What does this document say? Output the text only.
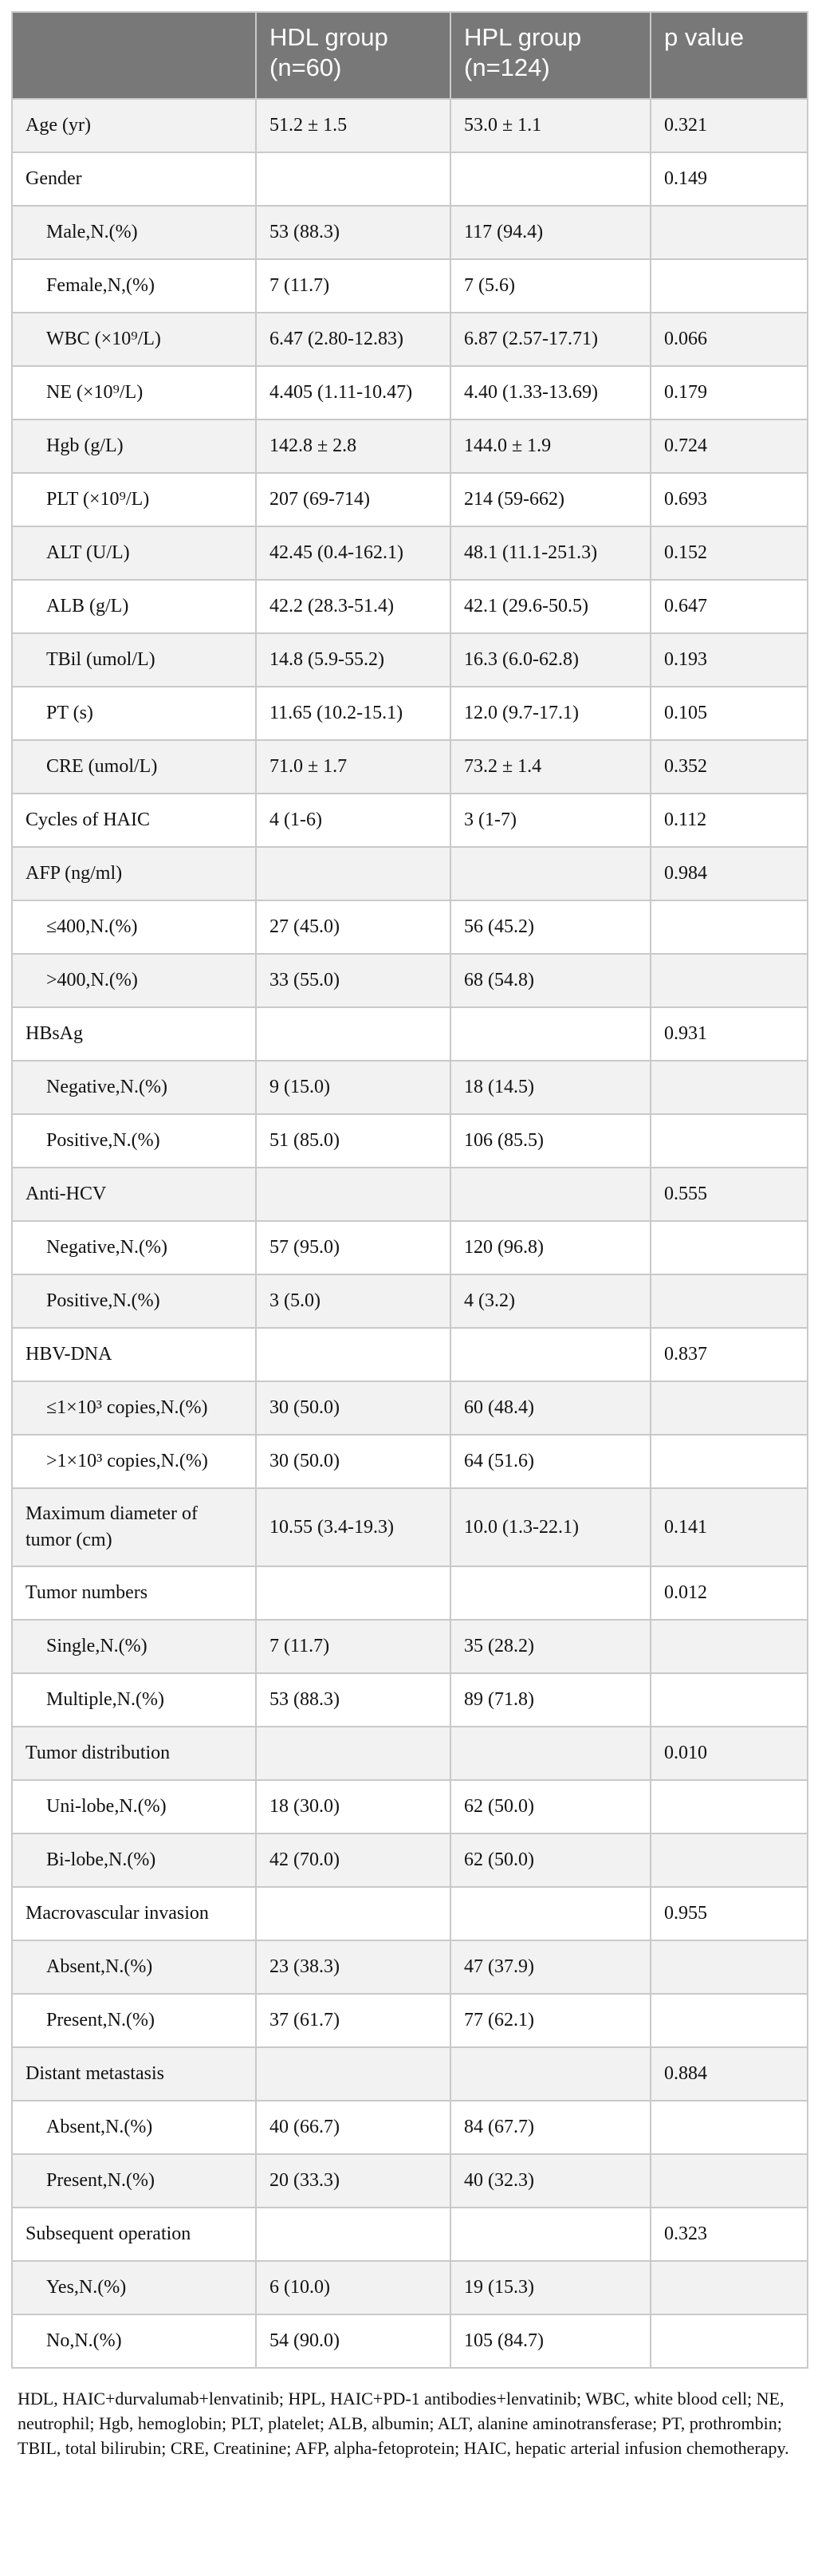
	HDL group (n=60)	HPL group (n=124)	p value
Age (yr)	51.2 ± 1.5	53.0 ± 1.1	0.321
Gender			0.149
Male,N.(%)	53 (88.3)	117 (94.4)	
Female,N,(%)	7 (11.7)	7 (5.6)	
WBC (×10⁹/L)	6.47 (2.80-12.83)	6.87 (2.57-17.71)	0.066
NE (×10⁹/L)	4.405 (1.11-10.47)	4.40 (1.33-13.69)	0.179
Hgb (g/L)	142.8 ± 2.8	144.0 ± 1.9	0.724
PLT (×10⁹/L)	207 (69-714)	214 (59-662)	0.693
ALT (U/L)	42.45 (0.4-162.1)	48.1 (11.1-251.3)	0.152
ALB (g/L)	42.2 (28.3-51.4)	42.1 (29.6-50.5)	0.647
TBil (umol/L)	14.8 (5.9-55.2)	16.3 (6.0-62.8)	0.193
PT (s)	11.65 (10.2-15.1)	12.0 (9.7-17.1)	0.105
CRE (umol/L)	71.0 ± 1.7	73.2 ± 1.4	0.352
Cycles of HAIC	4 (1-6)	3 (1-7)	0.112
AFP (ng/ml)			0.984
≤400,N.(%)	27 (45.0)	56 (45.2)	
>400,N.(%)	33 (55.0)	68 (54.8)	
HBsAg			0.931
Negative,N.(%)	9 (15.0)	18 (14.5)	
Positive,N.(%)	51 (85.0)	106 (85.5)	
Anti-HCV			0.555
Negative,N.(%)	57 (95.0)	120 (96.8)	
Positive,N.(%)	3 (5.0)	4 (3.2)	
HBV-DNA			0.837
≤1×10³ copies,N.(%)	30 (50.0)	60 (48.4)	
>1×10³ copies,N.(%)	30 (50.0)	64 (51.6)	
Maximum diameter of tumor (cm)	10.55 (3.4-19.3)	10.0 (1.3-22.1)	0.141
Tumor numbers			0.012
Single,N.(%)	7 (11.7)	35 (28.2)	
Multiple,N.(%)	53 (88.3)	89 (71.8)	
Tumor distribution			0.010
Uni-lobe,N.(%)	18 (30.0)	62 (50.0)	
Bi-lobe,N.(%)	42 (70.0)	62 (50.0)	
Macrovascular invasion			0.955
Absent,N.(%)	23 (38.3)	47 (37.9)	
Present,N.(%)	37 (61.7)	77 (62.1)	
Distant metastasis			0.884
Absent,N.(%)	40 (66.7)	84 (67.7)	
Present,N.(%)	20 (33.3)	40 (32.3)	
Subsequent operation			0.323
Yes,N.(%)	6 (10.0)	19 (15.3)	
No,N.(%)	54 (90.0)	105 (84.7)	

HDL, HAIC+durvalumab+lenvatinib; HPL, HAIC+PD-1 antibodies+lenvatinib; WBC, white blood cell; NE, neutrophil; Hgb, hemoglobin; PLT, platelet; ALB, albumin; ALT, alanine aminotransferase; PT, prothrombin; TBIL, total bilirubin; CRE, Creatinine; AFP, alpha-fetoprotein; HAIC, hepatic arterial infusion chemotherapy.
